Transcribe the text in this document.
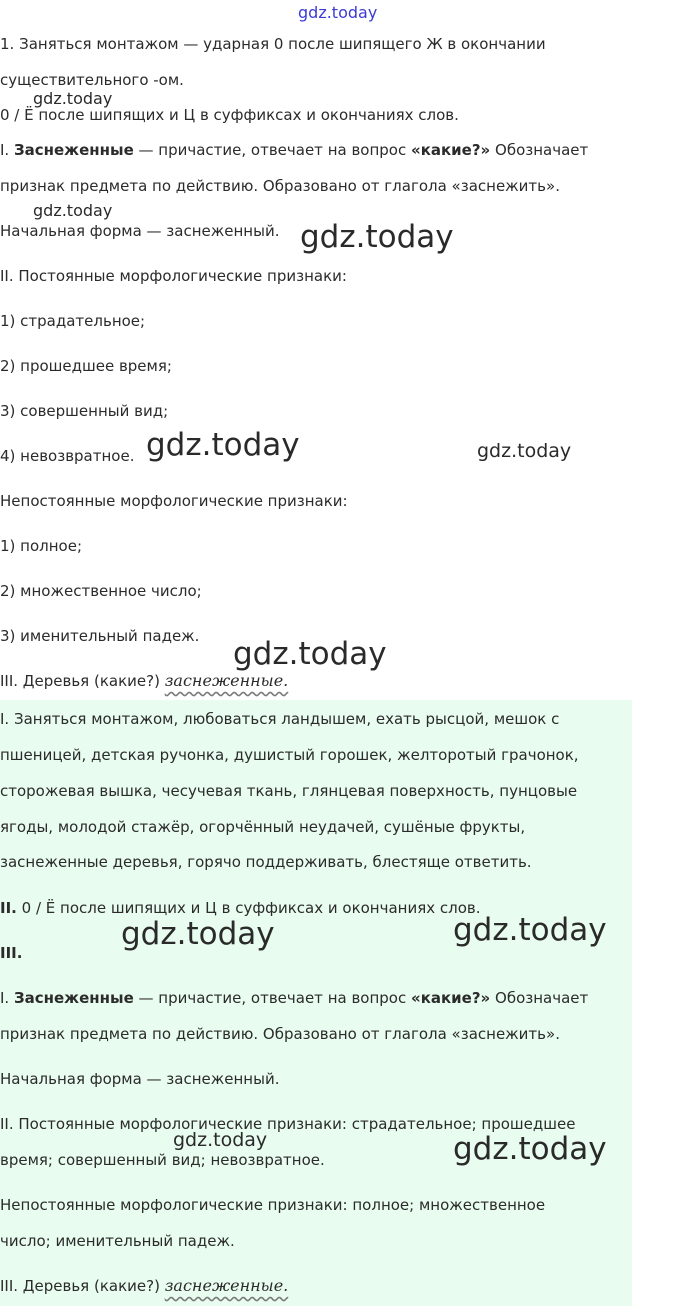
1. Заняться монтажом — ударная 0 после шипящего Ж в окончании
существительного -ом.
0 / Ё после шипящих и Ц в суффиксах и окончаниях слов.
I. Заснеженные — причастие, отвечает на вопрос «какие?» Обозначает
признак предмета по действию. Образовано от глагола «заснежить».
Начальная форма — заснеженный.
II. Постоянные морфологические признаки:
1) страдательное;
2) прошедшее время;
3) совершенный вид;
4) невозвратное.
Непостоянные морфологические признаки:
1) полное;
2) множественное число;
3) именительный падеж.
III. Деревья (какие?) заснеженные.
I. Заняться монтажом, любоваться ландышем, ехать рысцой, мешок с
пшеницей, детская ручонка, душистый горошек, желторотый грачонок,
сторожевая вышка, чесучевая ткань, глянцевая поверхность, пунцовые
ягоды, молодой стажёр, огорчённый неудачей, сушёные фрукты,
заснеженные деревья, горячо поддерживать, блестяще ответить.
II. 0 / Ё после шипящих и Ц в суффиксах и окончаниях слов.
III.
I. Заснеженные — причастие, отвечает на вопрос «какие?» Обозначает
признак предмета по действию. Образовано от глагола «заснежить».
Начальная форма — заснеженный.
II. Постоянные морфологические признаки: страдательное; прошедшее
время; совершенный вид; невозвратное.
Непостоянные морфологические признаки: полное; множественное
число; именительный падеж.
III. Деревья (какие?) заснеженные.
gdz.today
gdz.today
gdz.today
gdz.today
gdz.today	gdz.today
gdz.today
gdz.today	gdz.today
gdz.today	gdz.today
